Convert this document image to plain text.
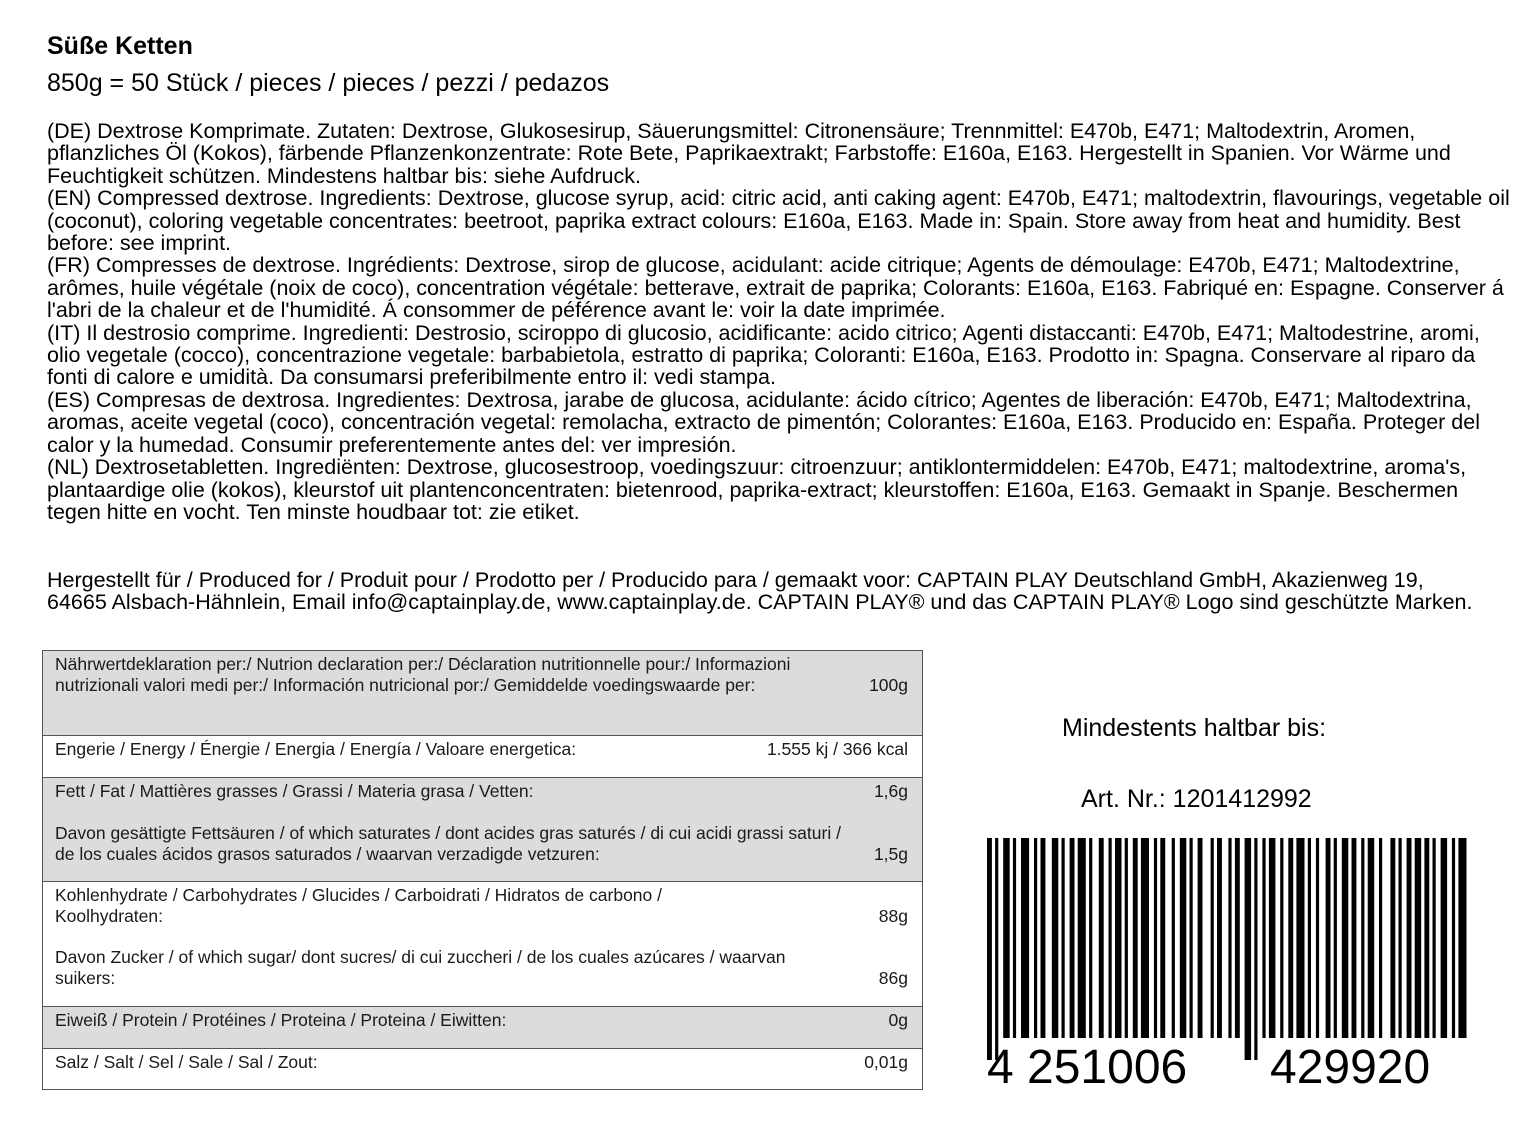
Süße Ketten
850g = 50 Stück / pieces / pieces / pezzi / pedazos

(DE) Dextrose Komprimate. Zutaten: Dextrose, Glukosesirup, Säuerungsmittel: Citronensäure; Trennmittel: E470b, E471; Maltodextrin, Aromen, pflanzliches Öl (Kokos), färbende Pflanzenkonzentrate: Rote Bete, Paprikaextrakt; Farbstoffe: E160a, E163. Hergestellt in Spanien. Vor Wärme und Feuchtigkeit schützen. Mindestens haltbar bis: siehe Aufdruck.

(EN) Compressed dextrose. Ingredients: Dextrose, glucose syrup, acid: citric acid, anti caking agent: E470b, E471; maltodextrin, flavourings, vegetable oil (coconut), coloring vegetable concentrates: beetroot, paprika extract colours: E160a, E163. Made in: Spain. Store away from heat and humidity. Best before: see imprint.

(FR) Compresses de dextrose. Ingrédients: Dextrose, sirop de glucose, acidulant: acide citrique; Agents de démoulage: E470b, E471; Maltodextrine, arômes, huile végétale (noix de coco), concentration végétale: betterave, extrait de paprika; Colorants: E160a, E163. Fabriqué en: Espagne. Conserver á l'abri de la chaleur et de l'humidité. Á consommer de péférence avant le: voir la date imprimée.

(IT) Il destrosio comprime. Ingredienti: Destrosio, sciroppo di glucosio, acidificante: acido citrico; Agenti distaccanti: E470b, E471; Maltodestrine, aromi, olio vegetale (cocco), concentrazione vegetale: barbabietola, estratto di paprika; Coloranti: E160a, E163. Prodotto in: Spagna. Conservare al riparo da fonti di calore e umidità. Da consumarsi preferibilmente entro il: vedi stampa.

(ES) Compresas de dextrosa. Ingredientes: Dextrosa, jarabe de glucosa, acidulante: ácido cítrico; Agentes de liberación: E470b, E471; Maltodextrina, aromas, aceite vegetal (coco), concentración vegetal: remolacha, extracto de pimentón; Colorantes: E160a, E163. Producido en: España. Proteger del calor y la humedad. Consumir preferentemente antes del: ver impresión.

(NL) Dextrosetabletten. Ingrediënten: Dextrose, glucosestroop, voedingszuur: citroenzuur; antiklontermiddelen: E470b, E471; maltodextrine, aroma's, plantaardige olie (kokos), kleurstof uit plantenconcentraten: bietenrood, paprika-extract; kleurstoffen: E160a, E163. Gemaakt in Spanje. Beschermen tegen hitte en vocht. Ten minste houdbaar tot: zie etiket.

Hergestellt für / Produced for / Produit pour / Prodotto per / Producido para / gemaakt voor: CAPTAIN PLAY Deutschland GmbH, Akazienweg 19, 64665 Alsbach-Hähnlein, Email info@captainplay.de, www.captainplay.de. CAPTAIN PLAY® und das CAPTAIN PLAY® Logo sind geschützte Marken.
Nährwertdeklaration per:/ Nutrion declaration per:/ Déclaration nutritionnelle pour:/ Informazioni nutrizionali valori medi per:/ Información nutricional por:/ Gemiddelde voedingswaarde per:	100g
Engerie / Energy / Énergie / Energia / Energía / Valoare energetica:	1.555 kj / 366 kcal
Fett / Fat / Mattières grasses / Grassi / Materia grasa / Vetten:	1,6g
Davon gesättigte Fettsäuren / of which saturates / dont acides gras saturés / di cui acidi grassi saturi / de los cuales ácidos grasos saturados / waarvan verzadigde vetzuren:	1,5g
Kohlenhydrate / Carbohydrates / Glucides / Carboidrati / Hidratos de carbono / Koolhydraten:	88g
Davon Zucker / of which sugar/ dont sucres/ di cui zuccheri / de los cuales azúcares / waarvan suikers:	86g
Eiweiß / Protein / Protéines / Proteina / Proteina / Eiwitten:	0g
Salz / Salt / Sel / Sale / Sal / Zout:	0,01g
Mindestents haltbar bis:
Art. Nr.: 1201412992
4 251006 429920
